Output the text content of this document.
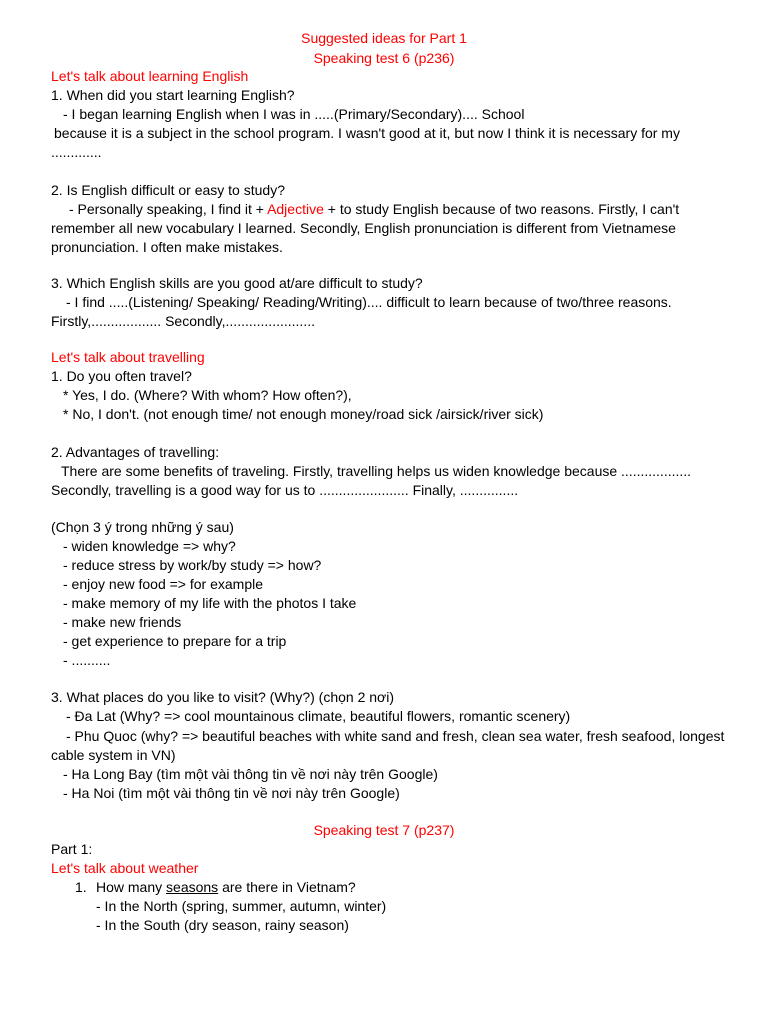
Suggested ideas for Part 1
Speaking test 6 (p236)
Let's talk about learning English
1. When did you start learning English?
- I began learning English when I was in .....(Primary/Secondary).... School
because it is a subject in the school program. I wasn't good at it, but now I think it is necessary for my
.............
2. Is English difficult or easy to study?
- Personally speaking, I find it + Adjective + to study English because of two reasons. Firstly, I can't
remember all new vocabulary I learned. Secondly, English pronunciation is different from Vietnamese
pronunciation. I often make mistakes.
3. Which English skills are you good at/are difficult to study?
- I find .....(Listening/ Speaking/ Reading/Writing).... difficult to learn because of two/three reasons.
Firstly,.................. Secondly,.......................
Let's talk about travelling
1. Do you often travel?
* Yes, I do. (Where? With whom? How often?),
* No, I don't. (not enough time/ not enough money/road sick /airsick/river sick)
2. Advantages of travelling:
There are some benefits of traveling. Firstly, travelling helps us widen knowledge because ..................
Secondly, travelling is a good way for us to ....................... Finally, ...............
(Chọn 3 ý trong những ý sau)
- widen knowledge => why?
- reduce stress by work/by study => how?
- enjoy new food => for example
- make memory of my life with the photos I take
- make new friends
- get experience to prepare for a trip
- ..........
3. What places do you like to visit? (Why?) (chọn 2 nơi)
- Đa Lat (Why? => cool mountainous climate, beautiful flowers, romantic scenery)
- Phu Quoc (why? => beautiful beaches with white sand and fresh, clean sea water, fresh seafood, longest
cable system in VN)
- Ha Long Bay (tìm một vài thông tin về nơi này trên Google)
- Ha Noi (tìm một vài thông tin về nơi này trên Google)
Speaking test 7 (p237)
Part 1:
Let's talk about weather
1. How many seasons are there in Vietnam?
- In the North (spring, summer, autumn, winter)
- In the South (dry season, rainy season)
